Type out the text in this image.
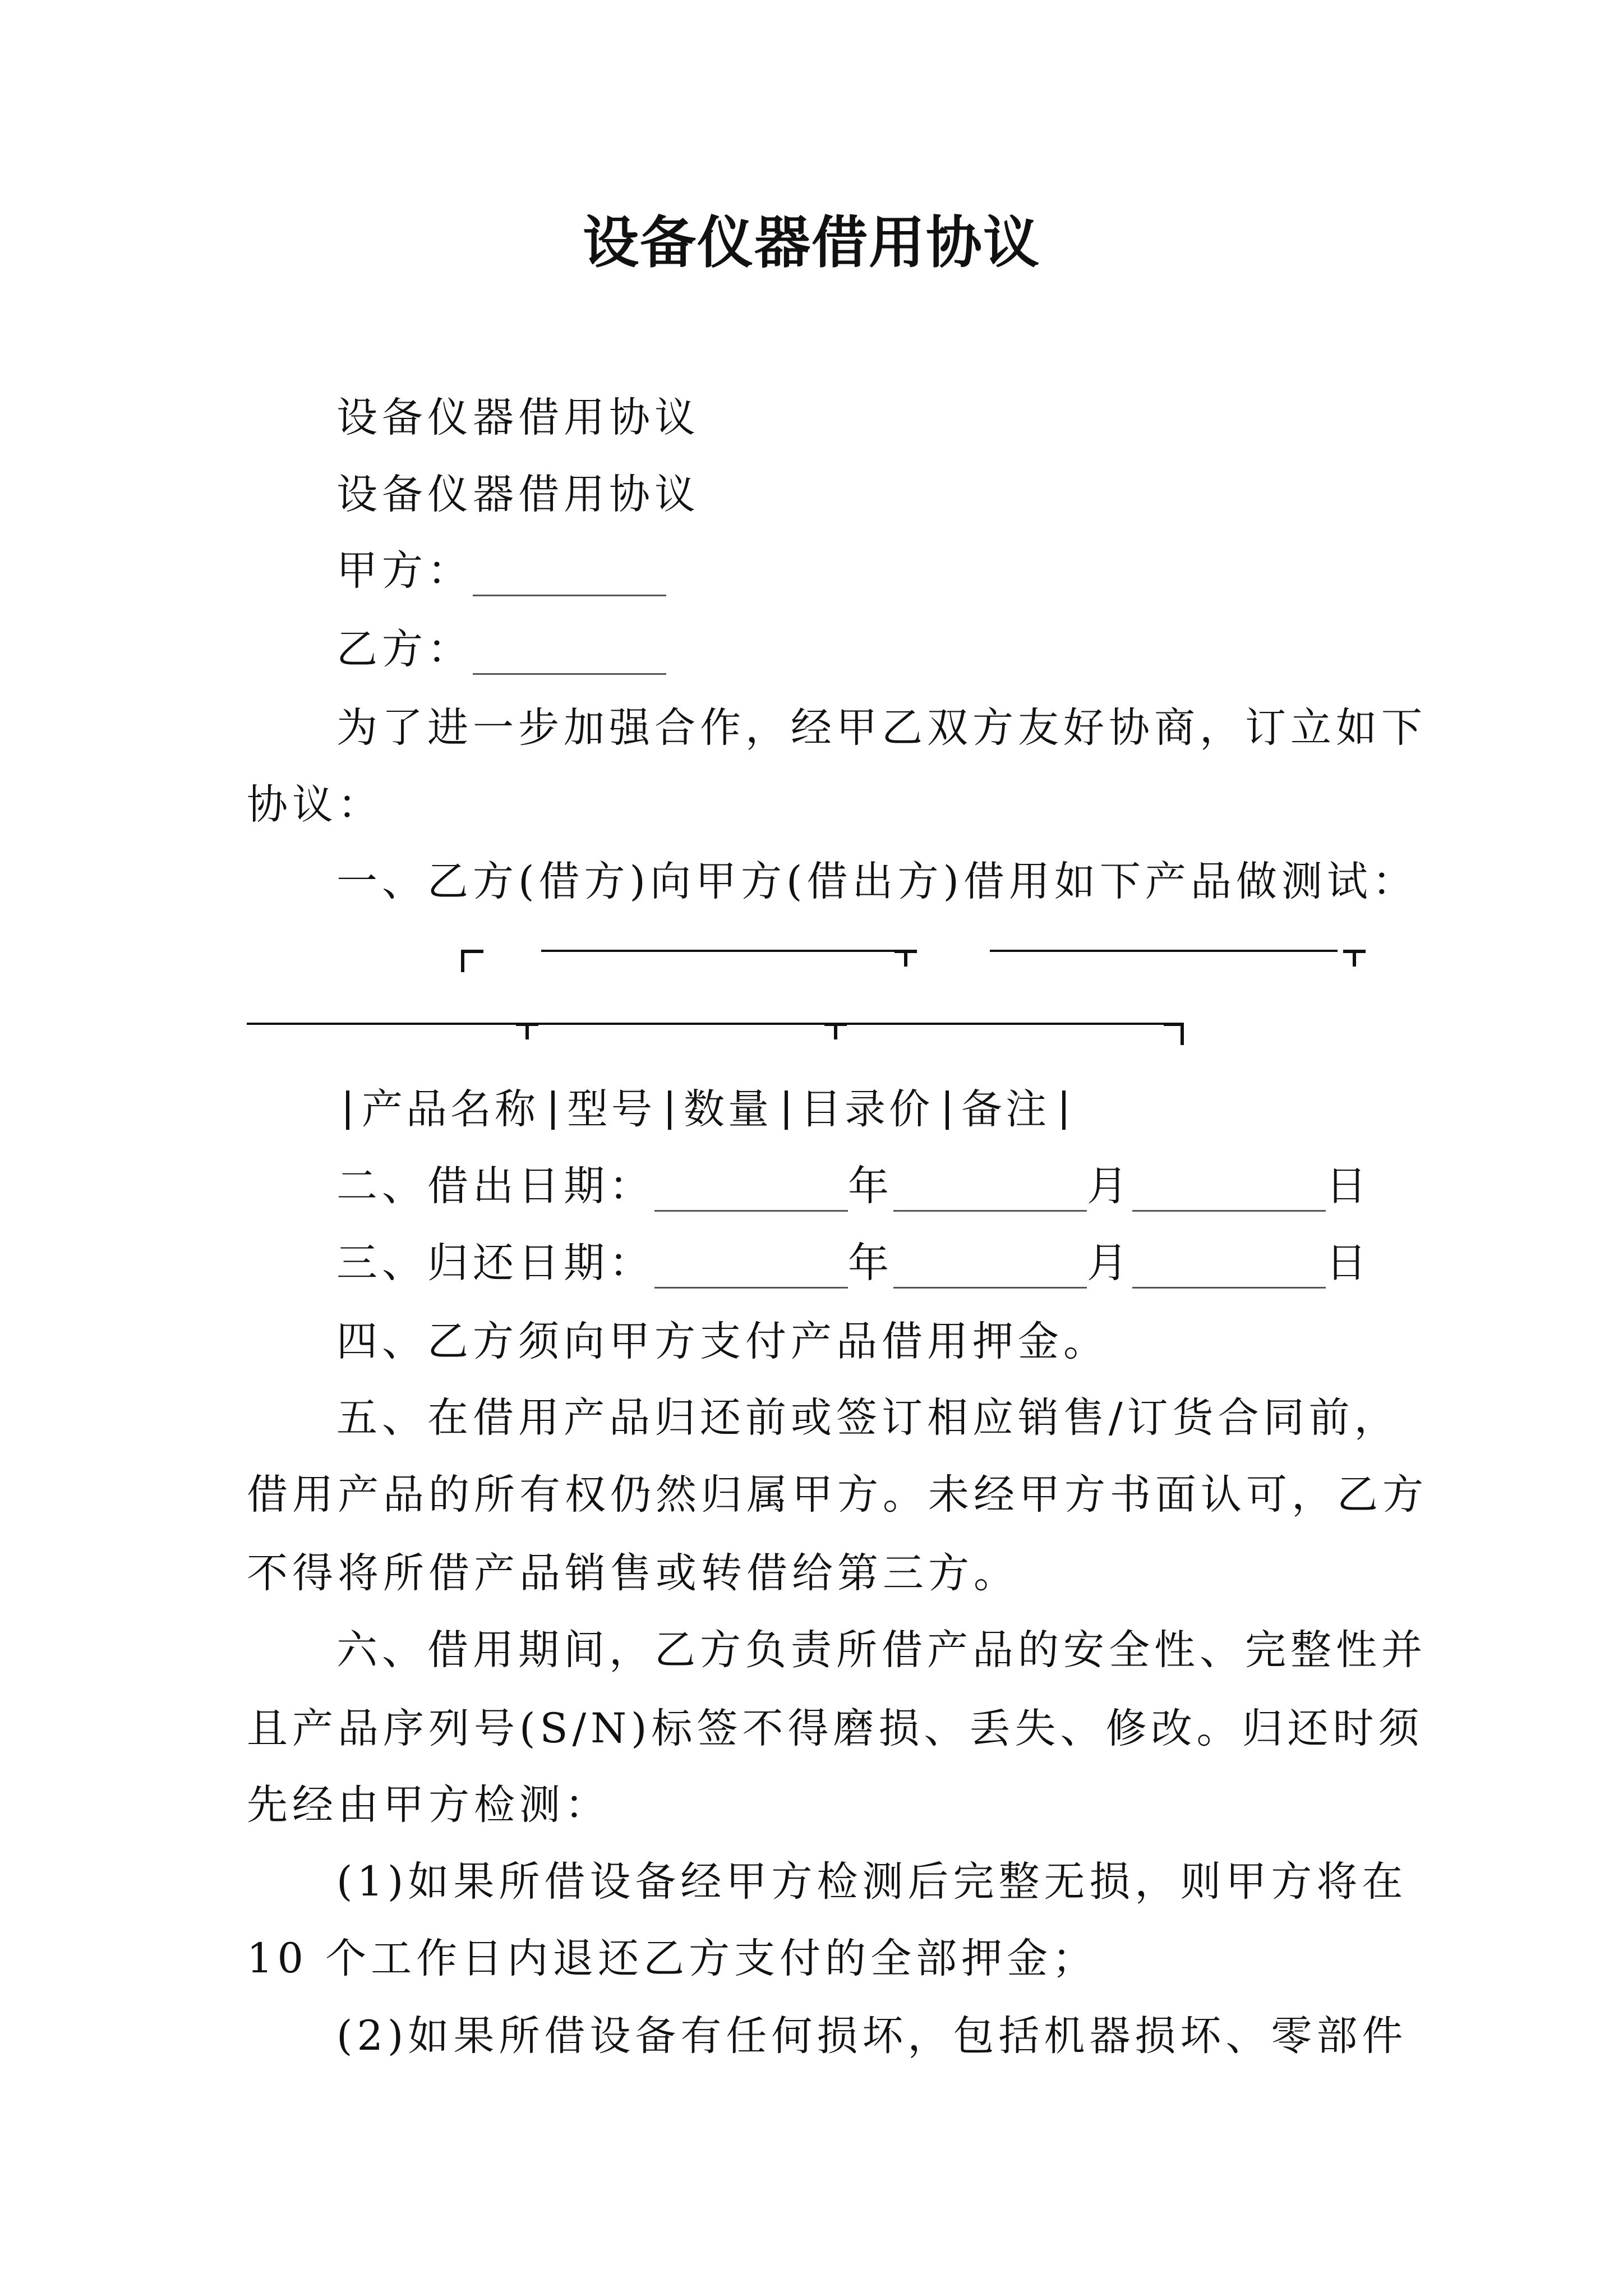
设备仪器借用协议
设备仪器借用协议
设备仪器借用协议
甲方：
乙方：
为了进一步加强合作，经甲乙双方友好协商，订立如下
协议：
一、乙方(借方)向甲方(借出方)借用如下产品做测试：
产品名称 型号 数量 目录价 备注
二、借出日期：	年	月	日
三、归还日期：	年	月	日
四、乙方须向甲方支付产品借用押金。
五、在借用产品归还前或签订相应销售/订货合同前，
借用产品的所有权仍然归属甲方。未经甲方书面认可，乙方
不得将所借产品销售或转借给第三方。
六、借用期间，乙方负责所借产品的安全性、完整性并
且产品序列号(S/N)标签不得磨损、丢失、修改。归还时须
先经由甲方检测：
(1)如果所借设备经甲方检测后完整无损，则甲方将在
10 个工作日内退还乙方支付的全部押金；
(2)如果所借设备有任何损坏，包括机器损坏、零部件
